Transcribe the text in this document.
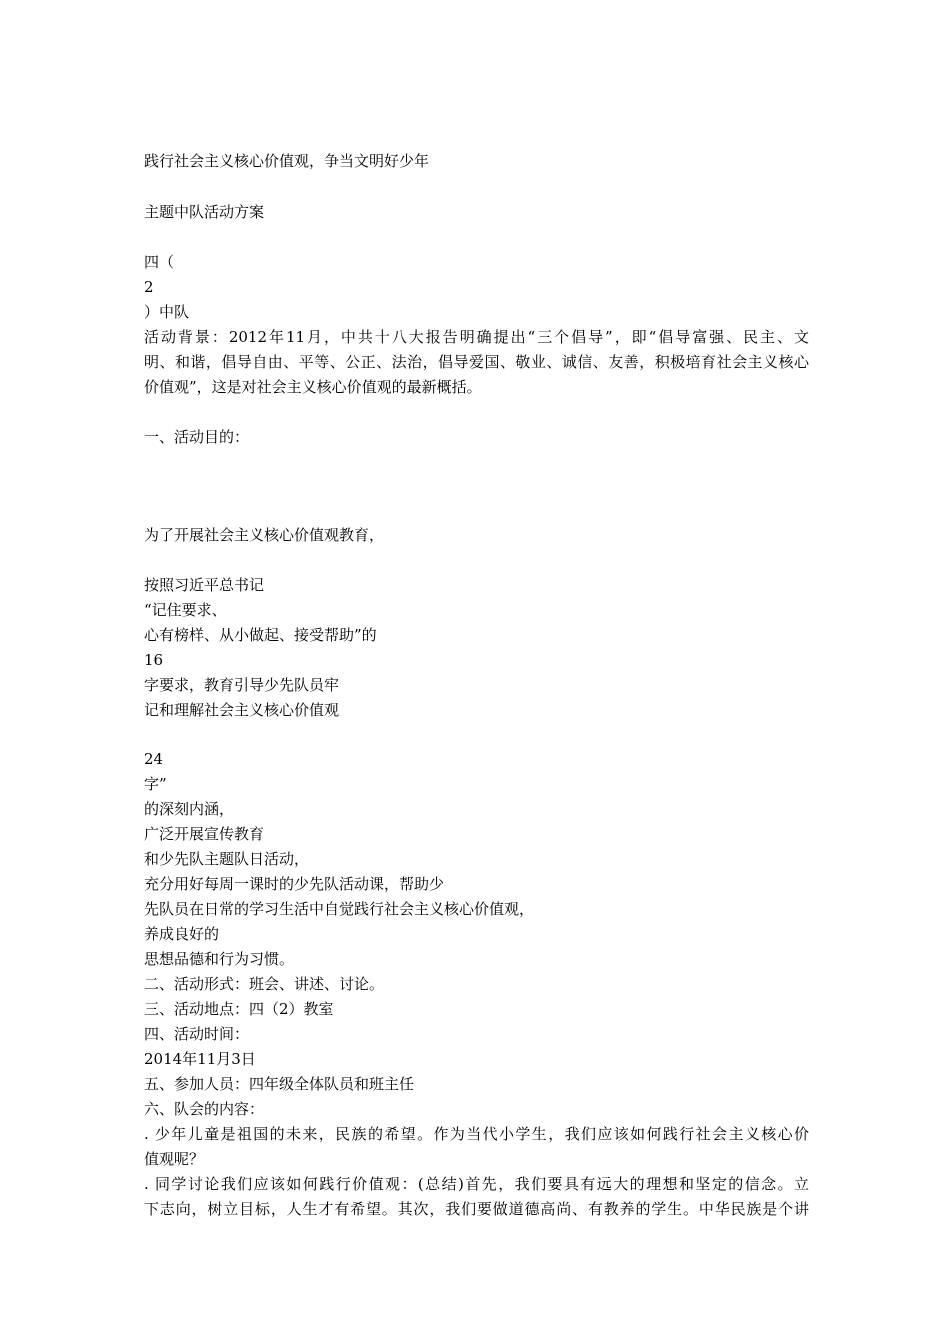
践行社会主义核心价值观，争当文明好少年

主题中队活动方案

四（

2

）中队

活动背景：2012年11月，中共十八大报告明确提出“三个倡导”，即“倡导富强、民主、文

明、和谐，倡导自由、平等、公正、法治，倡导爱国、敬业、诚信、友善，积极培育社会主义核心

价值观”，这是对社会主义核心价值观的最新概括。

一、活动目的：

为了开展社会主义核心价值观教育，

按照习近平总书记

“记住要求、

心有榜样、从小做起、接受帮助”的

16

字要求，教育引导少先队员牢

记和理解社会主义核心价值观

24

字”

的深刻内涵，

广泛开展宣传教育

和少先队主题队日活动，

充分用好每周一课时的少先队活动课，帮助少

先队员在日常的学习生活中自觉践行社会主义核心价值观，

养成良好的

思想品德和行为习惯。

二、活动形式：班会、讲述、讨论。

三、活动地点：四（2）教室

四、活动时间：

2014年11月3日

五、参加人员：四年级全体队员和班主任

六、队会的内容：

. 少年儿童是祖国的未来，民族的希望。作为当代小学生，我们应该如何践行社会主义核心价

值观呢？

. 同学讨论我们应该如何践行价值观：(总结)首先，我们要具有远大的理想和坚定的信念。立

下志向，树立目标，人生才有希望。其次，我们要做道德高尚、有教养的学生。中华民族是个讲
